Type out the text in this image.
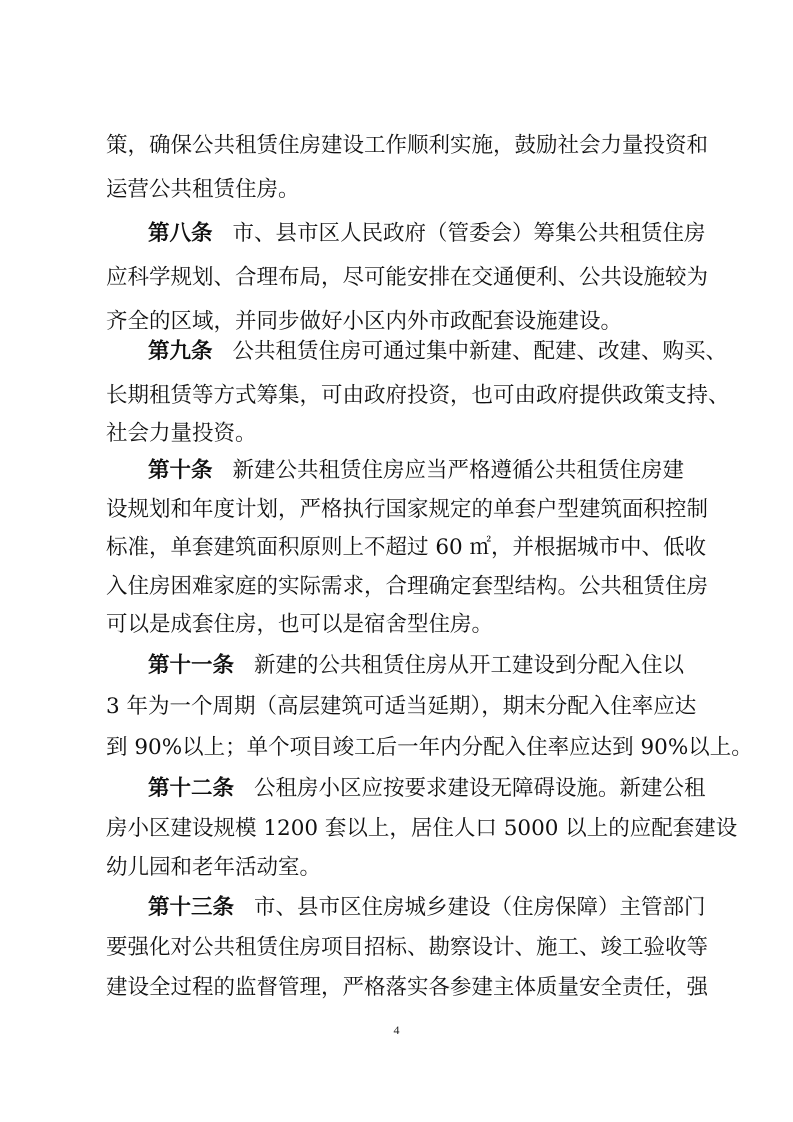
策，确保公共租赁住房建设工作顺利实施，鼓励社会力量投资和
运营公共租赁住房。
第八条 市、县市区人民政府（管委会）筹集公共租赁住房
应科学规划、合理布局，尽可能安排在交通便利、公共设施较为
齐全的区域，并同步做好小区内外市政配套设施建设。
第九条 公共租赁住房可通过集中新建、配建、改建、购买、
长期租赁等方式筹集，可由政府投资，也可由政府提供政策支持、
社会力量投资。
第十条 新建公共租赁住房应当严格遵循公共租赁住房建
设规划和年度计划，严格执行国家规定的单套户型建筑面积控制
标准，单套建筑面积原则上不超过 60 ㎡，并根据城市中、低收
入住房困难家庭的实际需求，合理确定套型结构。公共租赁住房
可以是成套住房，也可以是宿舍型住房。
第十一条 新建的公共租赁住房从开工建设到分配入住以
3 年为一个周期（高层建筑可适当延期），期末分配入住率应达
到 90%以上；单个项目竣工后一年内分配入住率应达到 90%以上。
第十二条 公租房小区应按要求建设无障碍设施。新建公租
房小区建设规模 1200 套以上，居住人口 5000 以上的应配套建设
幼儿园和老年活动室。
第十三条 市、县市区住房城乡建设（住房保障）主管部门
要强化对公共租赁住房项目招标、勘察设计、施工、竣工验收等
建设全过程的监督管理，严格落实各参建主体质量安全责任，强
4
